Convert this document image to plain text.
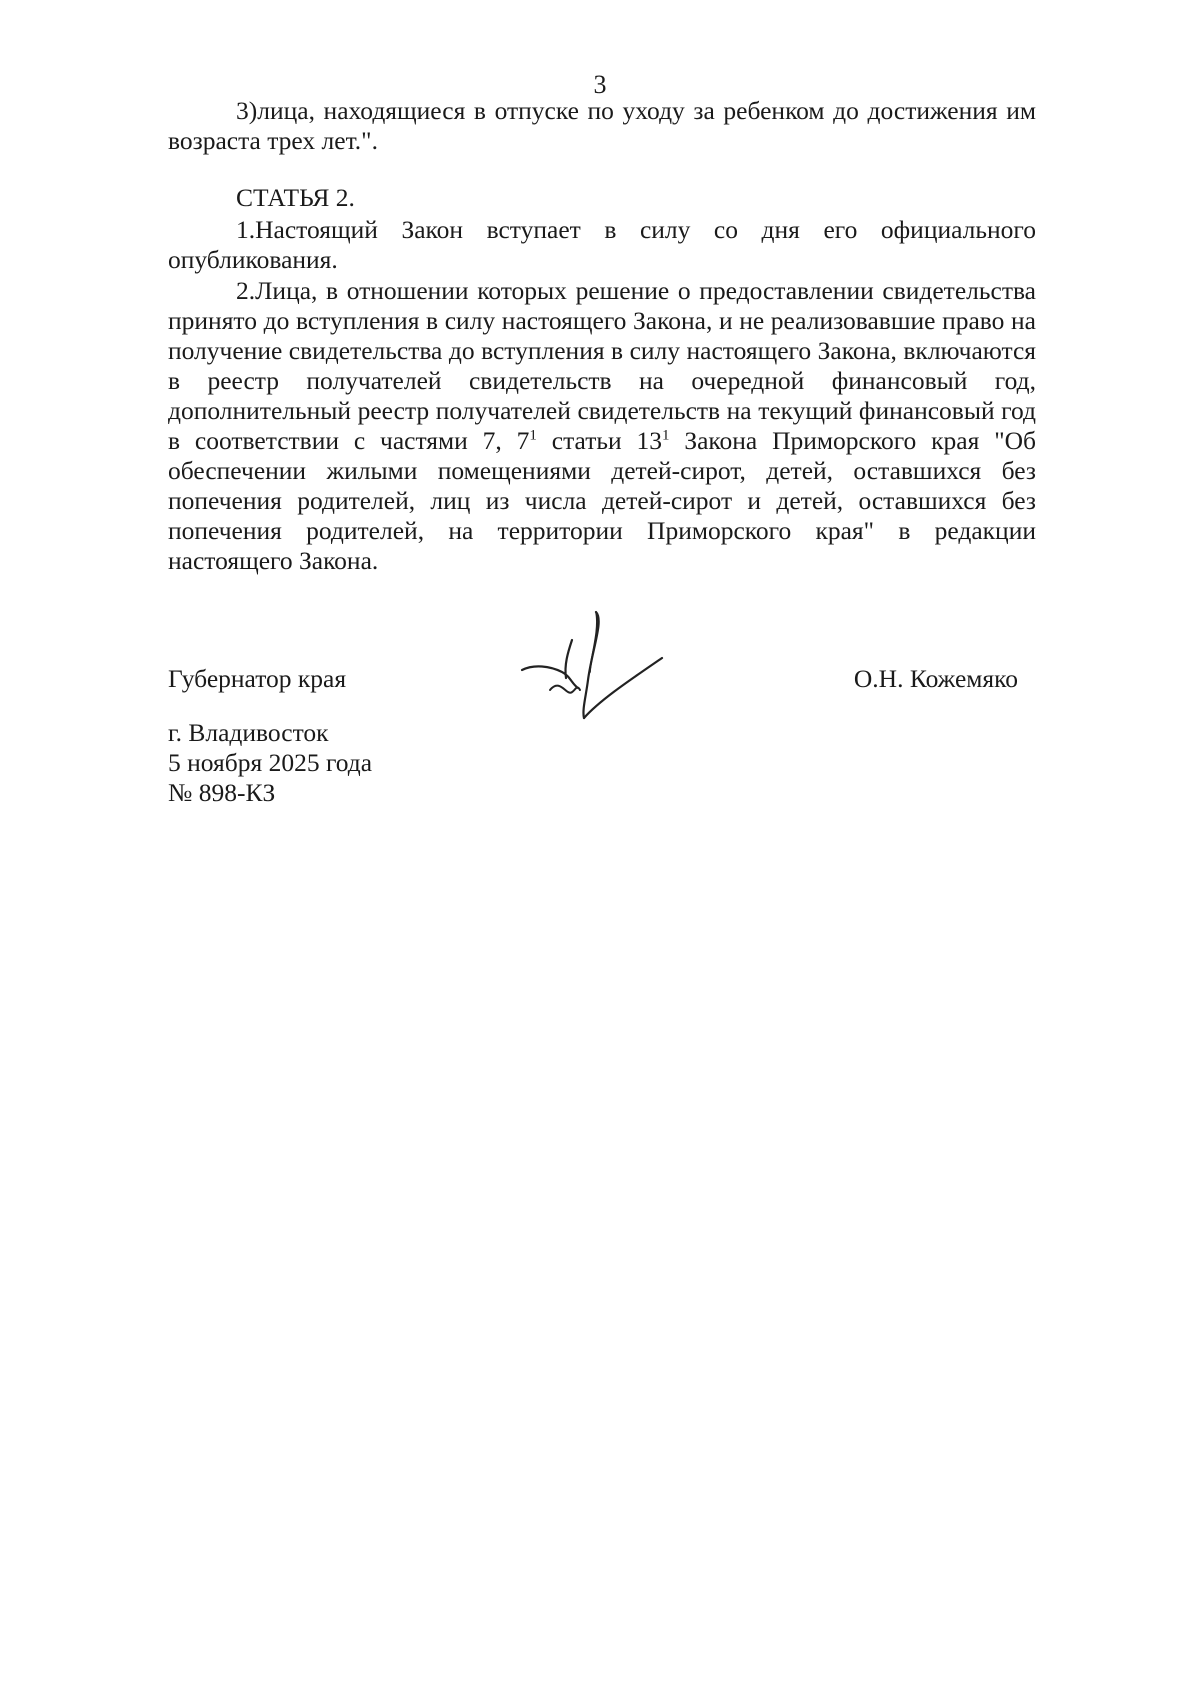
3

3)лица, находящиеся в отпуске по уходу за ребенком до достижения им возраста трех лет.".

СТАТЬЯ 2.

1.Настоящий Закон вступает в силу со дня его официального опубликования.

2.Лица, в отношении которых решение о предоставлении свидетельства принято до вступления в силу настоящего Закона, и не реализовавшие право на получение свидетельства до вступления в силу настоящего Закона, включаются в реестр получателей свидетельств на очередной финансовый год, дополнительный реестр получателей свидетельств на текущий финансовый год в соответствии с частями 7, $7^1$ статьи $13^1$ Закона Приморского края "Об обеспечении жилыми помещениями детей-сирот, детей, оставшихся без попечения родителей, лиц из числа детей-сирот и детей, оставшихся без попечения родителей, на территории Приморского края" в редакции настоящего Закона.

Губернатор края	О.Н. Кожемяко
г. Владивосток
5 ноября 2025 года
№ 898-КЗ
